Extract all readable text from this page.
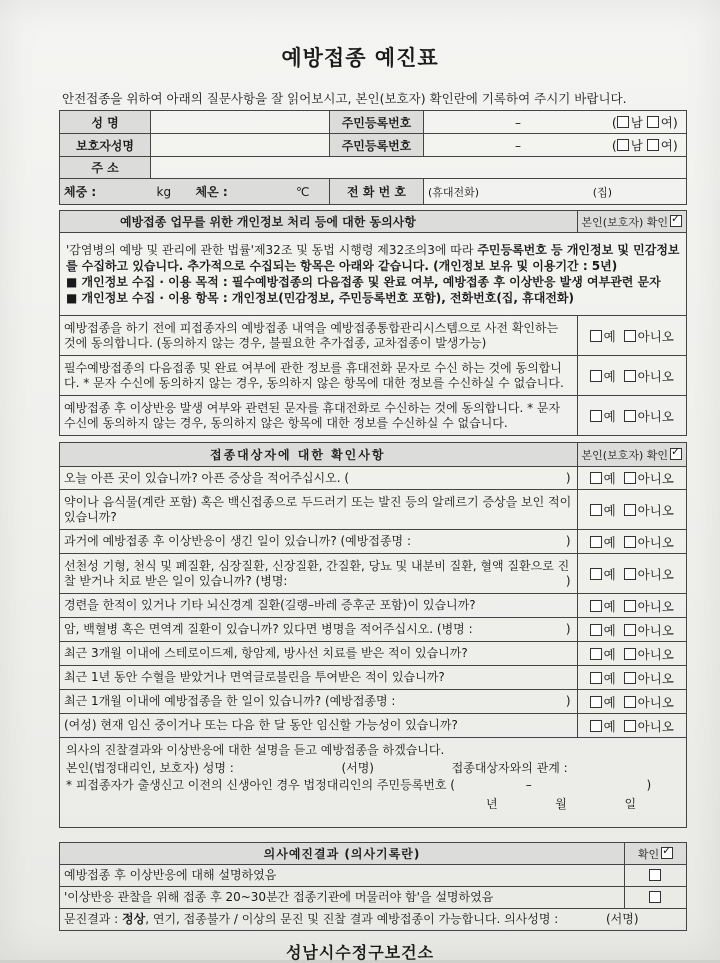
예방접종 예진표
안전접종을 위하여 아래의 질문사항을 잘 읽어보시고, 본인(보호자) 확인란에 기록하여 주시기 바랍니다.
성 명		주민등록번호	– ( 남 여)
보호자성명		주민등록번호	– ( 남 여)
주 소			
체중 : kg 체온 : ℃		전 화 번 호	(휴대전화) (집)
예방접종 업무를 위한 개인정보 처리 등에 대한 동의사항	본인(보호자) 확인✓
'감염병의 예방 및 관리에 관한 법률'제32조 및 동법 시행령 제32조의3에 따라 주민등록번호 등 개인정보 및 민감정보를 수집하고 있습니다. 추가적으로 수집되는 항목은 아래와 같습니다. (개인정보 보유 및 이용기간 : 5년)
■ 개인정보 수집 · 이용 목적 : 필수예방접종의 다음접종 및 완료 여부, 예방접종 후 이상반응 발생 여부관련 문자
■ 개인정보 수집 · 이용 항목 : 개인정보(민감정보, 주민등록번호 포함), 전화번호(집, 휴대전화)	
예방접종을 하기 전에 피접종자의 예방접종 내역을 예방접종통합관리시스템으로 사전 확인하는 것에 동의합니다. (동의하지 않는 경우, 불필요한 추가접종, 교차접종이 발생가능)	예 아니오
필수예방접종의 다음접종 및 완료 여부에 관한 정보를 휴대전화 문자로 수신 하는 것에 동의합니다. * 문자 수신에 동의하지 않는 경우, 동의하지 않은 항목에 대한 정보를 수신하실 수 없습니다.	예 아니오
예방접종 후 이상반응 발생 여부와 관련된 문자를 휴대전화로 수신하는 것에 동의합니다. * 문자 수신에 동의하지 않는 경우, 동의하지 않은 항목에 대한 정보를 수신하실 수 없습니다.	예 아니오
접종대상자에 대한 확인사항	본인(보호자) 확인✓
오늘 아픈 곳이 있습니까? 아픈 증상을 적어주십시오. ( )	예 아니오
약이나 음식물(계란 포함) 혹은 백신접종으로 두드러기 또는 발진 등의 알레르기 증상을 보인 적이 있습니까?	예 아니오
과거에 예방접종 후 이상반응이 생긴 일이 있습니까? (예방접종명 : )	예 아니오
선천성 기형, 천식 및 폐질환, 심장질환, 신장질환, 간질환, 당뇨 및 내분비 질환, 혈액 질환으로 진찰 받거나 치료 받은 일이 있습니까? (병명: )	예 아니오
경련을 한적이 있거나 기타 뇌신경계 질환(길랭–바레 증후군 포함)이 있습니까?	예 아니오
암, 백혈병 혹은 면역계 질환이 있습니까? 있다면 병명을 적어주십시오. (병명 : )	예 아니오
최근 3개월 이내에 스테로이드제, 항암제, 방사선 치료를 받은 적이 있습니까?	예 아니오
최근 1년 동안 수혈을 받았거나 면역글로불린을 투여받은 적이 있습니까?	예 아니오
최근 1개월 이내에 예방접종을 한 일이 있습니까? (예방접종명 : )	예 아니오
(여성) 현재 임신 중이거나 또는 다음 한 달 동안 임신할 가능성이 있습니까?	예 아니오

의사의 진찰결과와 이상반응에 대한 설명을 듣고 예방접종을 하겠습니다.
본인(법정대리인, 보호자) 성명 : (서명) 접종대상자와의 관계 :
* 피접종자가 출생신고 이전의 신생아인 경우 법정대리인의 주민등록번호 ( – )
년 월 일	
의사예진결과 (의사기록란)	확인✓
예방접종 후 이상반응에 대해 설명하였음	
'이상반응 관찰을 위해 접종 후 20~30분간 접종기관에 머물러야 함'을 설명하였음	
문진결과 : 정상, 연기, 접종불가 / 이상의 문진 및 진찰 결과 예방접종이 가능합니다. 의사성명 : (서명)	
성남시수정구보건소
